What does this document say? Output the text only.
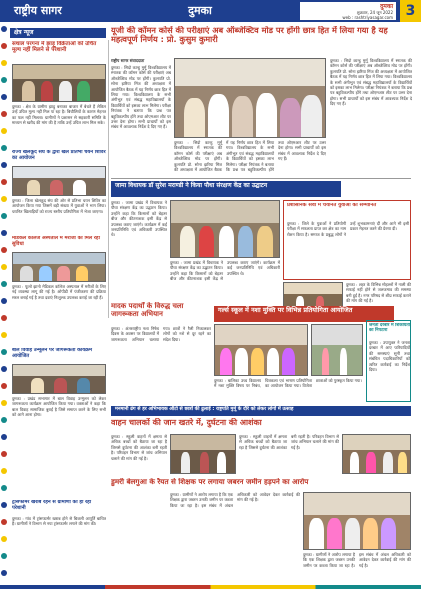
राष्ट्रीय सागर	दुमका	दुमका
शुक्रवार, 24 जून 2022
web : rashtriyasagar.com 3
क्षेत्र न्यूज
संथाल परगना में झाड़ू विक्रेताओं को उचित मूल्य नहीं मिलने से परेशानी
दुमका : क्षेत्र के ग्रामीण झाड़ू बनाकर बाजार में बेचते हैं लेकिन उन्हें उचित मूल्य नहीं मिल पा रहा है। बिचौलियों के कारण मेहनत का फल नहीं मिलता। ग्रामीणों ने प्रशासन से सहकारी समिति के माध्यम से खरीद की मांग की है ताकि उन्हें उचित लाभ मिल सके।
राज्य खेलकूद संघ के द्वारा खेल प्रतिभा चयन शिविर का आयोजन
दुमका : जिला खेलकूद संघ की ओर से प्रतिभा चयन शिविर का आयोजन किया गया जिसमें बड़ी संख्या में युवाओं ने भाग लिया। चयनित खिलाड़ियों को राज्य स्तरीय प्रतियोगिता में भेजा जाएगा।
मेडिकल कॉलेज अस्पताल में मरीजों को मिल रही सुविधा
दुमका : फूलो झानो मेडिकल कॉलेज अस्पताल में मरीजों के लिए नई व्यवस्था लागू की गई है। ओपीडी में पंजीकरण की प्रक्रिया सरल बनाई गई है तथा दवाएं निःशुल्क उपलब्ध कराई जा रही हैं।
बाल विवाह उन्मूलन पर जागरूकता कार्यक्रम आयोजित
दुमका : प्रखंड सभागार में बाल विवाह उन्मूलन को लेकर जागरूकता कार्यक्रम आयोजित किया गया। वक्ताओं ने कहा कि बाल विवाह सामाजिक बुराई है जिसे समाप्त करने के लिए सभी को आगे आना होगा।
यूजी की कॉमन कोर्स की परीक्षाएं अब ऑब्जेक्टिव मोड पर होंगी छात्र हित में लिया गया है यह महत्वपूर्ण निर्णय : प्रो. कुसुम कुमारी
राष्ट्रीय सागर संवाददाता
दुमका : सिदो कान्हु मुर्मू विश्वविद्यालय में स्नातक की कॉमन कोर्स की परीक्षाएं अब ऑब्जेक्टिव मोड पर होंगी। कुलपति प्रो. सोना झरिया मिंज की अध्यक्षता में आयोजित बैठक में यह निर्णय छात्र हित में लिया गया। विश्वविद्यालय के सभी अंगीभूत एवं संबद्ध महाविद्यालयों के विद्यार्थियों को इसका लाभ मिलेगा। परीक्षा नियंत्रक ने बताया कि प्रश्न पत्र बहुविकल्पीय होंगे तथा ओएमआर शीट पर उत्तर देना होगा। सभी प्राचार्यों को इस संबंध में आवश्यक निर्देश दे दिए गए हैं।
दुमका : सिदो कान्हु मुर्मू विश्वविद्यालय में स्नातक की कॉमन कोर्स की परीक्षाएं अब ऑब्जेक्टिव मोड पर होंगी। कुलपति प्रो. सोना झरिया मिंज की अध्यक्षता में आयोजित बैठक में यह निर्णय छात्र हित में लिया गया। विश्वविद्यालय के सभी अंगीभूत एवं संबद्ध महाविद्यालयों के विद्यार्थियों को इसका लाभ मिलेगा। परीक्षा नियंत्रक ने बताया कि प्रश्न पत्र बहुविकल्पीय होंगे तथा ओएमआर शीट पर उत्तर देना होगा। सभी प्राचार्यों को इस संबंध में आवश्यक निर्देश दे दिए गए हैं।
दुमका : सिदो कान्हु मुर्मू विश्वविद्यालय में स्नातक की कॉमन कोर्स की परीक्षाएं अब ऑब्जेक्टिव मोड पर होंगी। कुलपति प्रो. सोना झरिया मिंज की अध्यक्षता में आयोजित बैठक में यह निर्णय छात्र हित में लिया गया। विश्वविद्यालय के सभी अंगीभूत एवं संबद्ध महाविद्यालयों के विद्यार्थियों को इसका लाभ मिलेगा। परीक्षा नियंत्रक ने बताया कि प्रश्न पत्र बहुविकल्पीय होंगे तथा ओएमआर शीट पर उत्तर देना होगा। सभी प्राचार्यों को इस संबंध में आवश्यक निर्देश दे दिए गए हैं।
जामा विधायक डॉ सुरेश मराण्डी ने किया पौधा संरक्षण केंद्र का उद्घाटन
दुमका : जामा प्रखंड में विधायक ने पौधा संरक्षण केंद्र का उद्घाटन किया। उन्होंने कहा कि किसानों को बेहतर बीज और कीटनाशक इसी केंद्र से उपलब्ध कराए जाएंगे। कार्यक्रम में कई जनप्रतिनिधि एवं अधिकारी उपस्थित थे।
दुमका : जामा प्रखंड में विधायक ने पौधा संरक्षण केंद्र का उद्घाटन किया। उन्होंने कहा कि किसानों को बेहतर बीज और कीटनाशक इसी केंद्र से उपलब्ध कराए जाएंगे। कार्यक्रम में कई जनप्रतिनिधि एवं अधिकारी उपस्थित थे।
प्रशासनिक सेवा में चयनित युवाओं को सम्मानित
दुमका : जिले के युवाओं ने प्रतियोगी परीक्षा में सफलता प्राप्त कर क्षेत्र का नाम रोशन किया है। समाज के प्रबुद्ध लोगों ने उन्हें शुभकामनाएं दीं और आगे भी इसी प्रकार मेहनत करने की प्रेरणा दी।
दुमका : शहर के विभिन्न मोहल्लों में नाली की सफाई नहीं होने से जलजमाव की समस्या बनी हुई है। नगर परिषद से शीघ्र सफाई कराने की मांग की गई है।
मादक पदार्थों के विरुद्ध चला जागरूकता अभियान
गर्ल्स स्कूल में नशा मुक्ति पर विभिन्न प्रतियोगिता आयोजित
दुमका : अंतरराष्ट्रीय नशा निषेध दिवस के अवसर पर विद्यालयों में जागरूकता अभियान चलाया गया। छात्रों ने रैली निकालकर लोगों को नशे से दूर रहने का संदेश दिया।
दुमका : बालिका उच्च विद्यालय में नशा मुक्ति विषय पर निबंध, चित्रकला एवं भाषण प्रतियोगिता का आयोजन किया गया। विजेता छात्राओं को पुरस्कृत किया गया।
जनता दरबार में शिकायतों का निपटारा
दुमका : उपायुक्त ने जनता दरबार में आए फरियादियों की समस्याएं सुनीं तथा संबंधित पदाधिकारियों को त्वरित कार्रवाई का निर्देश दिया।
मनमानी ढंग से हर अभिभावक ऑटो से छात्रों की ढुलाई : राष्ट्रपति मुर्मू के दौरे को लेकर लोगों में उत्साह
वाहन चालकों की जान खतरे में, दुर्घटना की आशंका
दुमका : स्कूली वाहनों में क्षमता से अधिक बच्चों को बैठाया जा रहा है जिससे दुर्घटना की आशंका बनी रहती है। परिवहन विभाग से जांच अभियान चलाने की मांग की गई है।
दुमका : स्कूली वाहनों में क्षमता से अधिक बच्चों को बैठाया जा रहा है जिससे दुर्घटना की आशंका बनी रहती है। परिवहन विभाग से जांच अभियान चलाने की मांग की गई है।
ट्रांसफार्मर खराब रहने से ग्रामीणों को हो रही परेशानी
दुमका : गांव में ट्रांसफार्मर खराब होने से बिजली आपूर्ति बाधित है। ग्रामीणों ने विभाग से नया ट्रांसफार्मर लगाने की मांग की।
डुमरी बेलगुआ के रैयत से शिक्षक पर लगाया जबरन जमीन हड़पने का आरोप
दुमका : ग्रामीणों ने आरोप लगाया है कि एक शिक्षक द्वारा जबरन उनकी जमीन पर कब्जा किया जा रहा है। इस संबंध में अंचल अधिकारी को आवेदन देकर कार्रवाई की मांग की गई है।
दुमका : ग्रामीणों ने आरोप लगाया है कि एक शिक्षक द्वारा जबरन उनकी जमीन पर कब्जा किया जा रहा है। इस संबंध में अंचल अधिकारी को आवेदन देकर कार्रवाई की मांग की गई है।
